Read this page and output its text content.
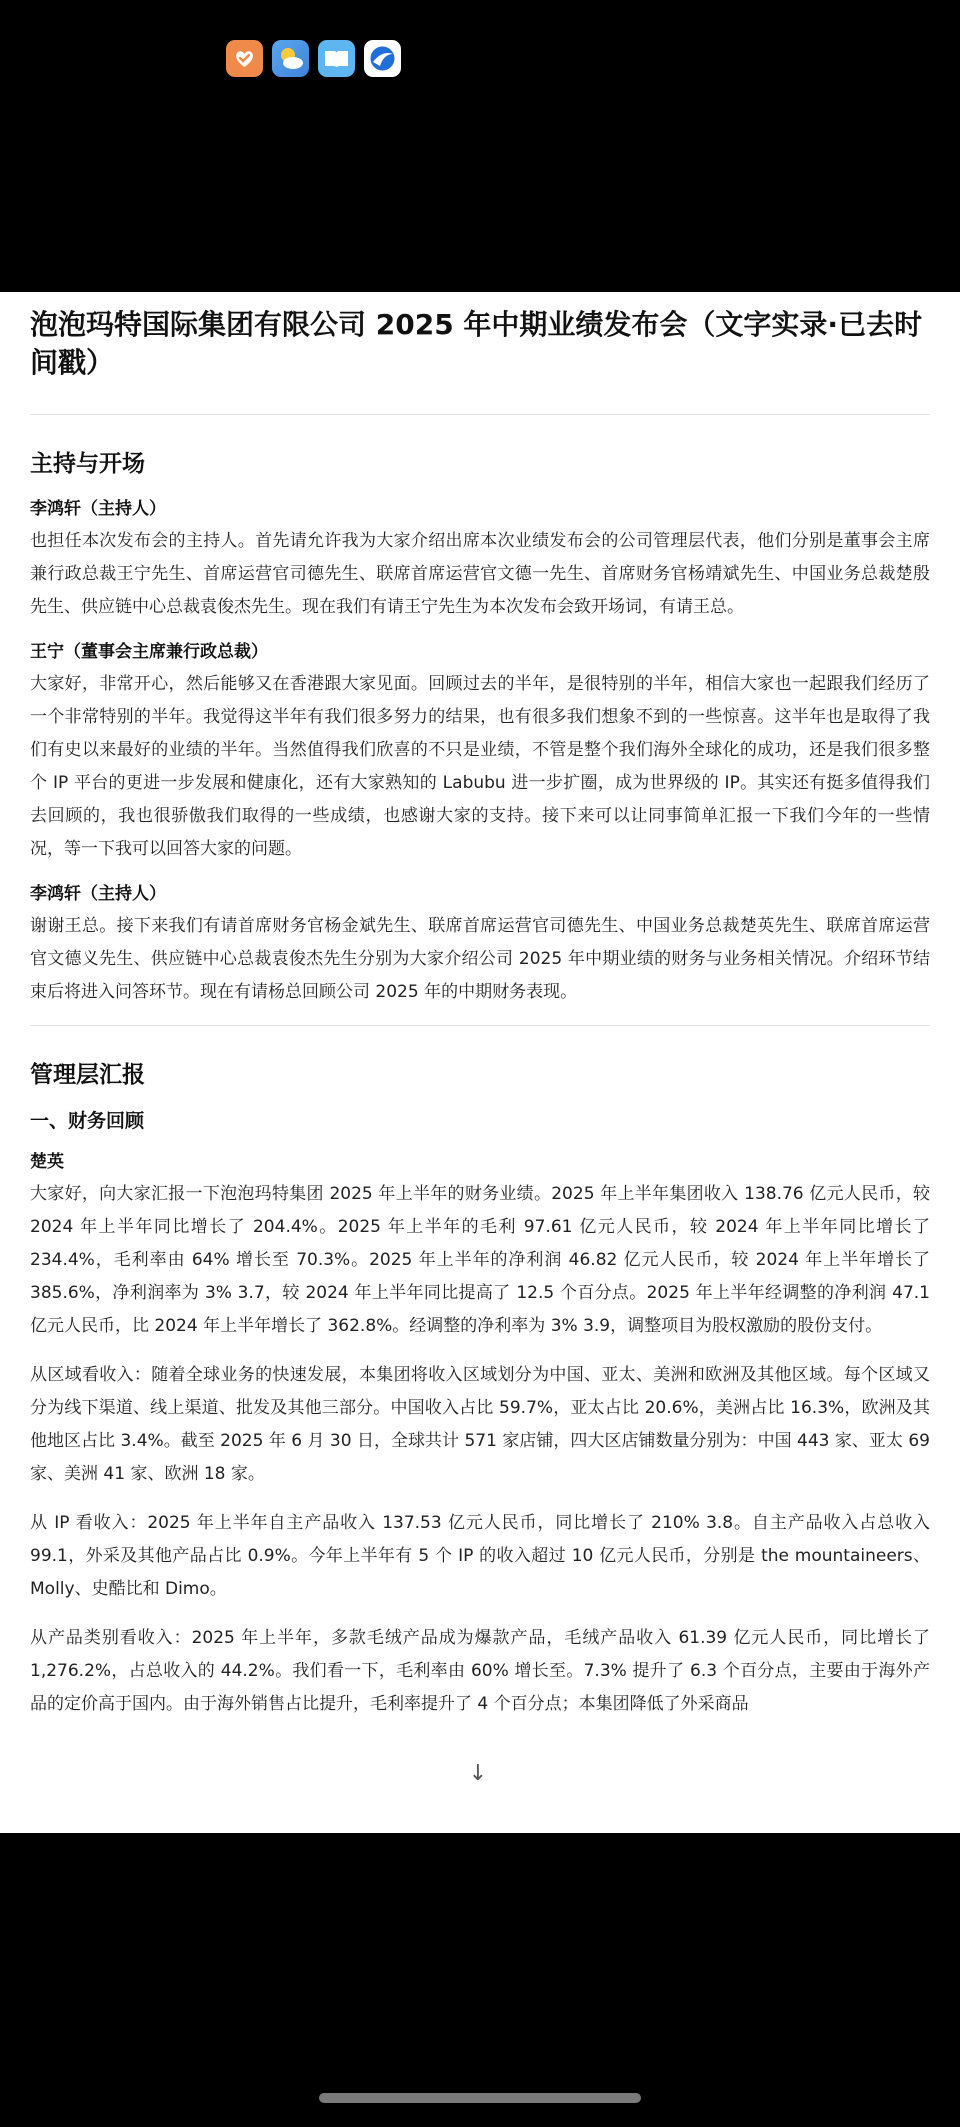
泡泡玛特国际集团有限公司 2025 年中期业绩发布会（文字实录·已去时间戳）
主持与开场
李鸿轩（主持人）

也担任本次发布会的主持人。首先请允许我为大家介绍出席本次业绩发布会的公司管理层代表，他们分别是董事会主席兼行政总裁王宁先生、首席运营官司德先生、联席首席运营官文德一先生、首席财务官杨靖斌先生、中国业务总裁楚殷先生、供应链中心总裁袁俊杰先生。现在我们有请王宁先生为本次发布会致开场词，有请王总。

王宁（董事会主席兼行政总裁）

大家好，非常开心，然后能够又在香港跟大家见面。回顾过去的半年，是很特别的半年，相信大家也一起跟我们经历了一个非常特别的半年。我觉得这半年有我们很多努力的结果，也有很多我们想象不到的一些惊喜。这半年也是取得了我们有史以来最好的业绩的半年。当然值得我们欣喜的不只是业绩，不管是整个我们海外全球化的成功，还是我们很多整个 IP 平台的更进一步发展和健康化，还有大家熟知的 Labubu 进一步扩圈，成为世界级的 IP。其实还有挺多值得我们去回顾的，我也很骄傲我们取得的一些成绩，也感谢大家的支持。接下来可以让同事简单汇报一下我们今年的一些情况，等一下我可以回答大家的问题。

李鸿轩（主持人）

谢谢王总。接下来我们有请首席财务官杨金斌先生、联席首席运营官司德先生、中国业务总裁楚英先生、联席首席运营官文德义先生、供应链中心总裁袁俊杰先生分别为大家介绍公司 2025 年中期业绩的财务与业务相关情况。介绍环节结束后将进入问答环节。现在有请杨总回顾公司 2025 年的中期财务表现。

管理层汇报
一、财务回顾
楚英

大家好，向大家汇报一下泡泡玛特集团 2025 年上半年的财务业绩。2025 年上半年集团收入 138.76 亿元人民币，较 2024 年上半年同比增长了 204.4%。2025 年上半年的毛利 97.61 亿元人民币，较 2024 年上半年同比增长了 234.4%，毛利率由 64% 增长至 70.3%。2025 年上半年的净利润 46.82 亿元人民币，较 2024 年上半年增长了 385.6%，净利润率为 3% 3.7，较 2024 年上半年同比提高了 12.5 个百分点。2025 年上半年经调整的净利润 47.1 亿元人民币，比 2024 年上半年增长了 362.8%。经调整的净利率为 3% 3.9，调整项目为股权激励的股份支付。

从区域看收入：随着全球业务的快速发展，本集团将收入区域划分为中国、亚太、美洲和欧洲及其他区域。每个区域又分为线下渠道、线上渠道、批发及其他三部分。中国收入占比 59.7%，亚太占比 20.6%，美洲占比 16.3%，欧洲及其他地区占比 3.4%。截至 2025 年 6 月 30 日，全球共计 571 家店铺，四大区店铺数量分别为：中国 443 家、亚太 69 家、美洲 41 家、欧洲 18 家。

从 IP 看收入：2025 年上半年自主产品收入 137.53 亿元人民币，同比增长了 210% 3.8。自主产品收入占总收入 99.1，外采及其他产品占比 0.9%。今年上半年有 5 个 IP 的收入超过 10 亿元人民币，分别是 the mountaineers、Molly、史酷比和 Dimo。

从产品类别看收入：2025 年上半年，多款毛绒产品成为爆款产品，毛绒产品收入 61.39 亿元人民币，同比增长了 1,276.2%，占总收入的 44.2%。我们看一下，毛利率由 60% 增长至。7.3% 提升了 6.3 个百分点，主要由于海外产品的定价高于国内。由于海外销售占比提升，毛利率提升了 4 个百分点；本集团降低了外采商品

↓
